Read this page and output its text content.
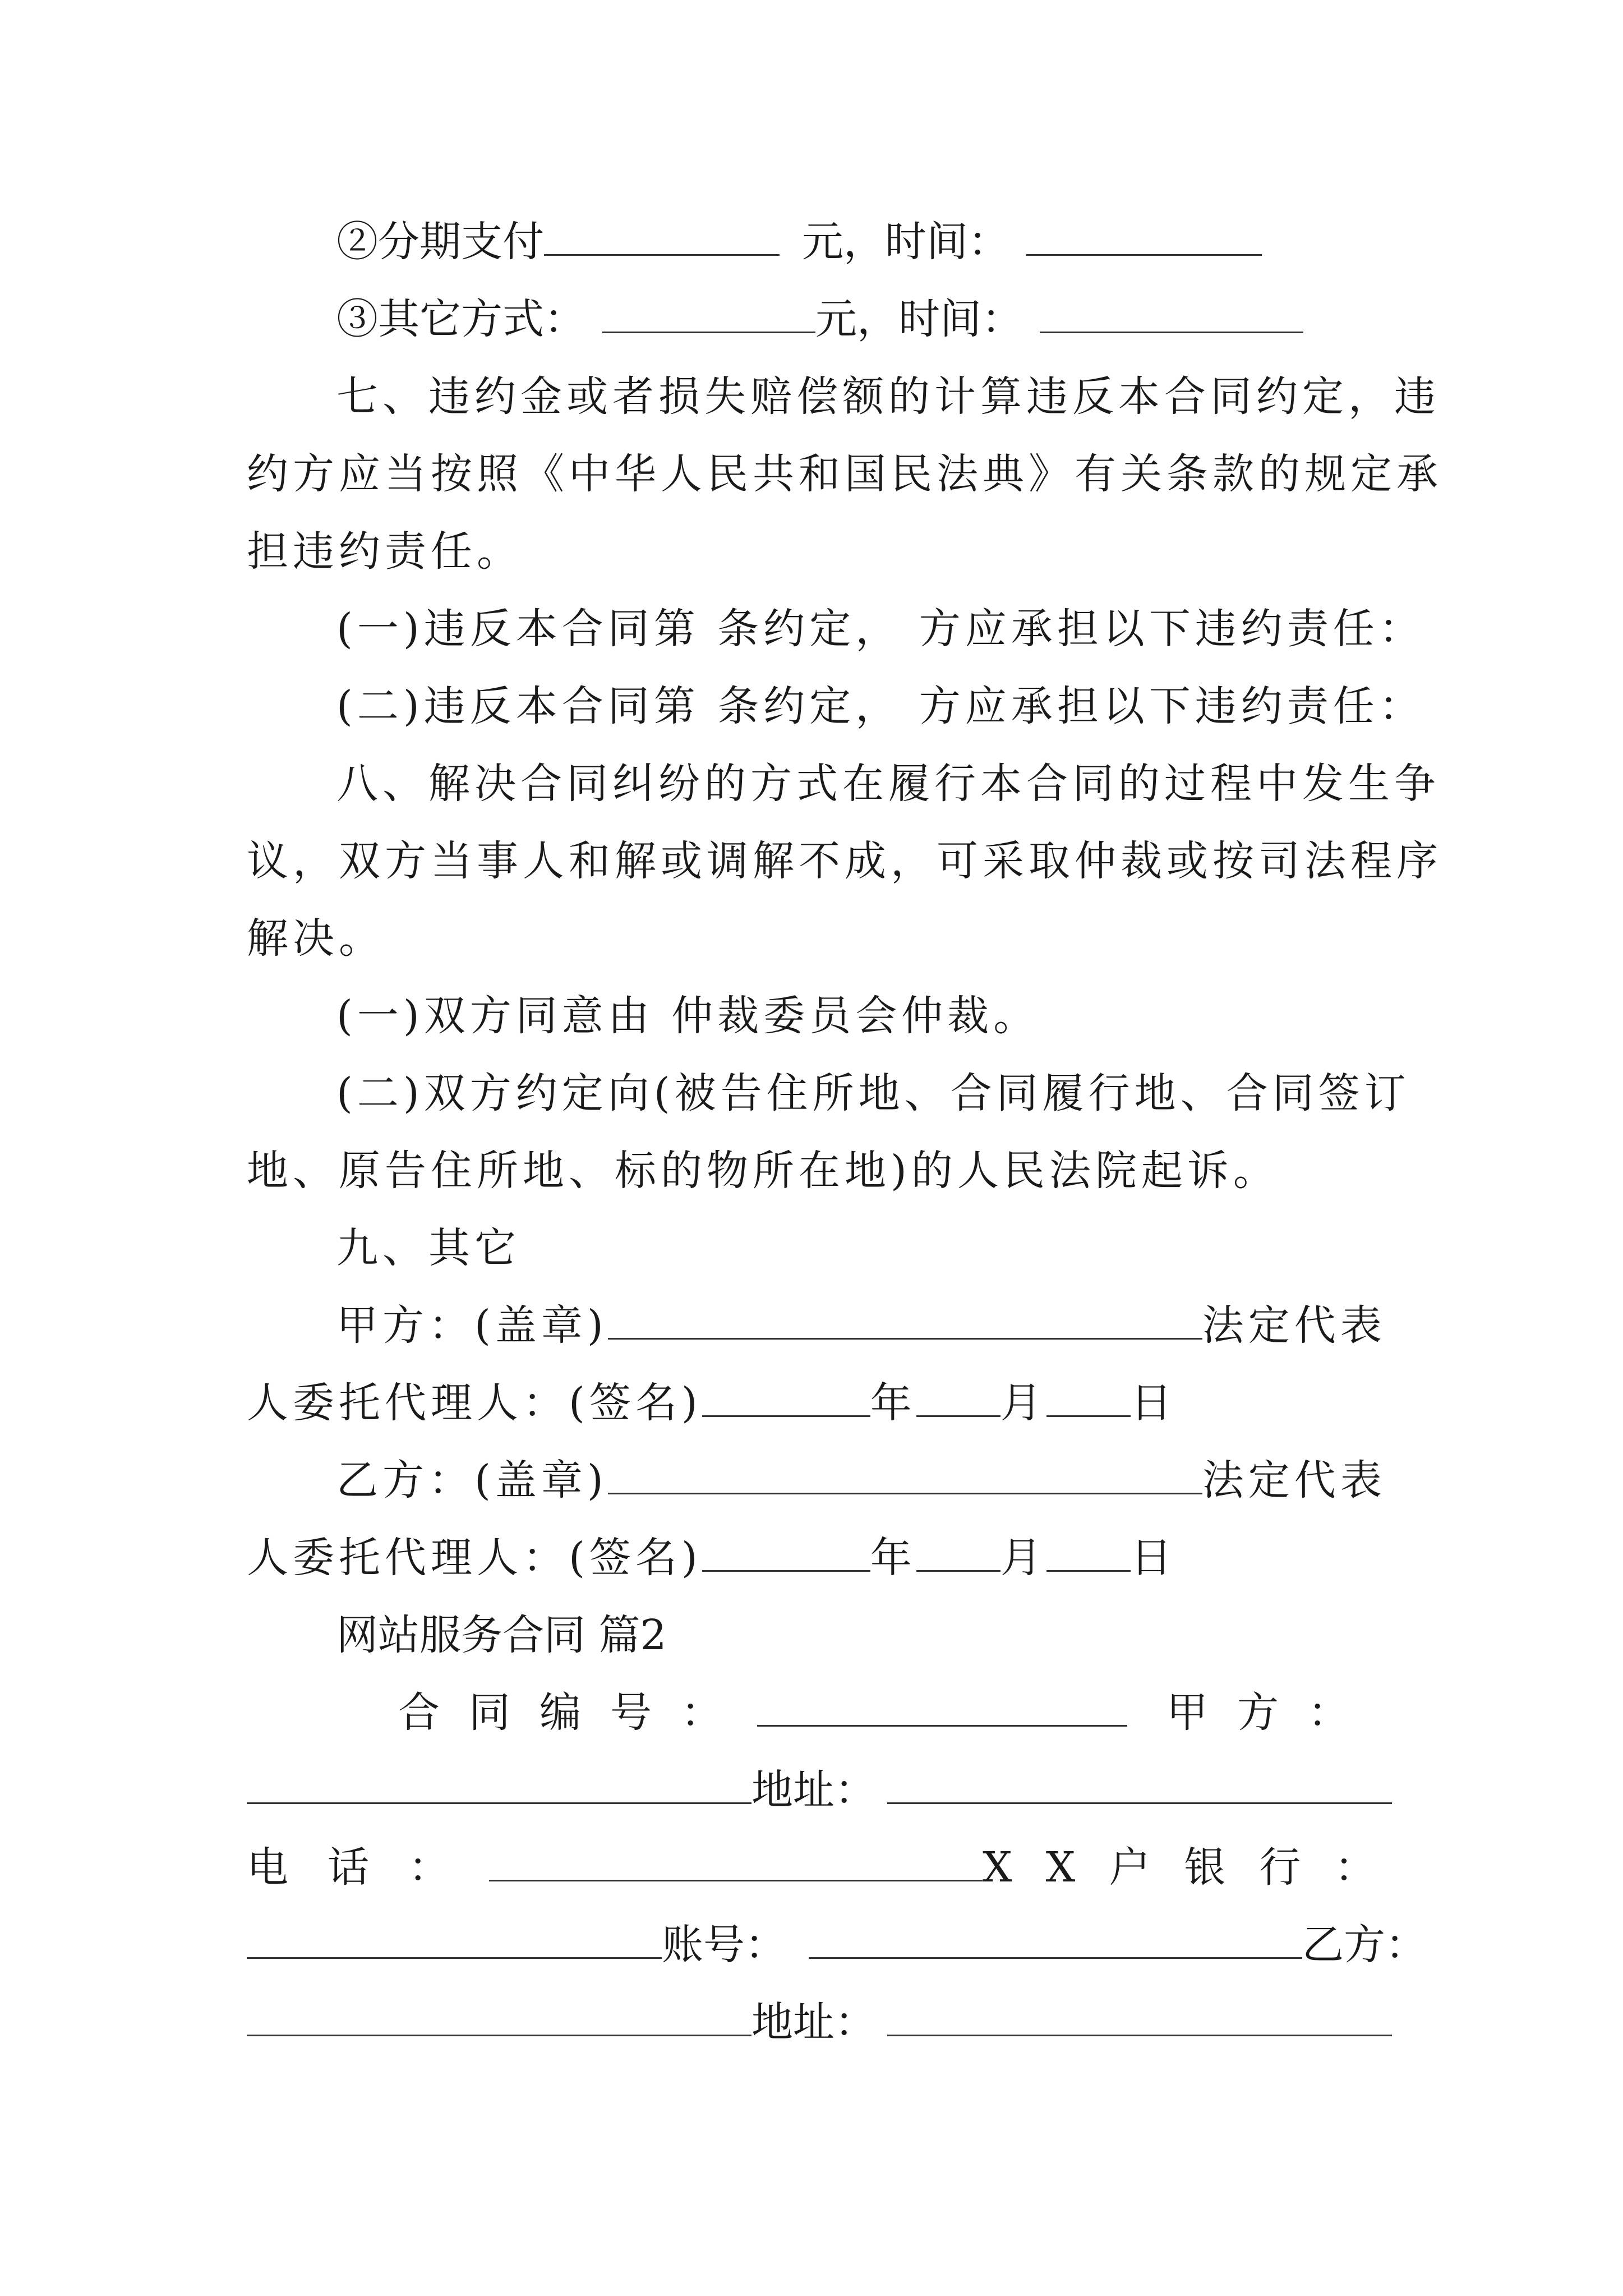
②分期支付	元，时间：
③其它方式：	元，时间：
七、违约金或者损失赔偿额的计算违反本合同约定，违
约方应当按照《中华人民共和国民法典》有关条款的规定承
担违约责任。
(一)违反本合同第 条约定， 方应承担以下违约责任：
(二)违反本合同第 条约定， 方应承担以下违约责任：
八、解决合同纠纷的方式在履行本合同的过程中发生争
议，双方当事人和解或调解不成，可采取仲裁或按司法程序
解决。
(一)双方同意由 仲裁委员会仲裁。
(二)双方约定向(被告住所地、合同履行地、合同签订
地、原告住所地、标的物所在地)的人民法院起诉。
九、其它
甲方：(盖章)	法定代表
人委托代理人：(签名)	年 月 日
乙方：(盖章)	法定代表
人委托代理人：(签名)	年 月 日
网站服务合同 篇2
合同编号：	甲方：
地址：
电话：	XX户银行：
账号：	乙方：
地址：
